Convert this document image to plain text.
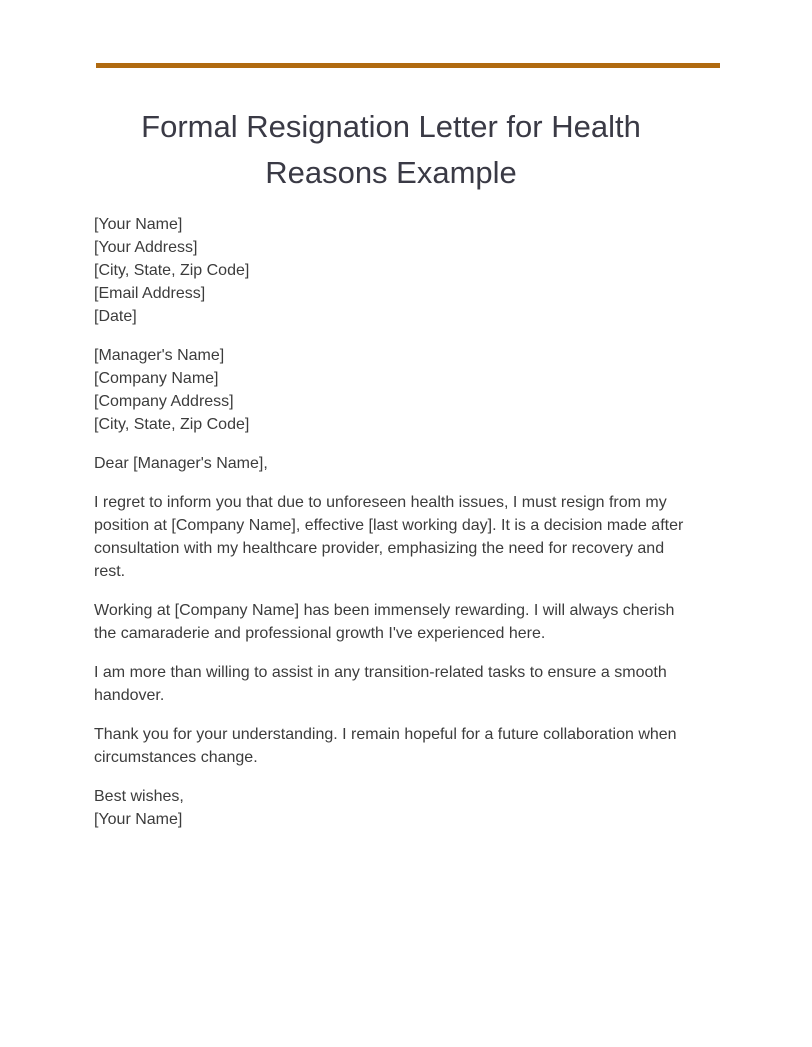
Formal Resignation Letter for Health
Reasons Example
[Your Name]
[Your Address]
[City, State, Zip Code]
[Email Address]
[Date]
[Manager's Name]
[Company Name]
[Company Address]
[City, State, Zip Code]
Dear [Manager's Name],
I regret to inform you that due to unforeseen health issues, I must resign from my
position at [Company Name], effective [last working day]. It is a decision made after
consultation with my healthcare provider, emphasizing the need for recovery and
rest.
Working at [Company Name] has been immensely rewarding. I will always cherish
the camaraderie and professional growth I've experienced here.
I am more than willing to assist in any transition-related tasks to ensure a smooth
handover.
Thank you for your understanding. I remain hopeful for a future collaboration when
circumstances change.
Best wishes,
[Your Name]
